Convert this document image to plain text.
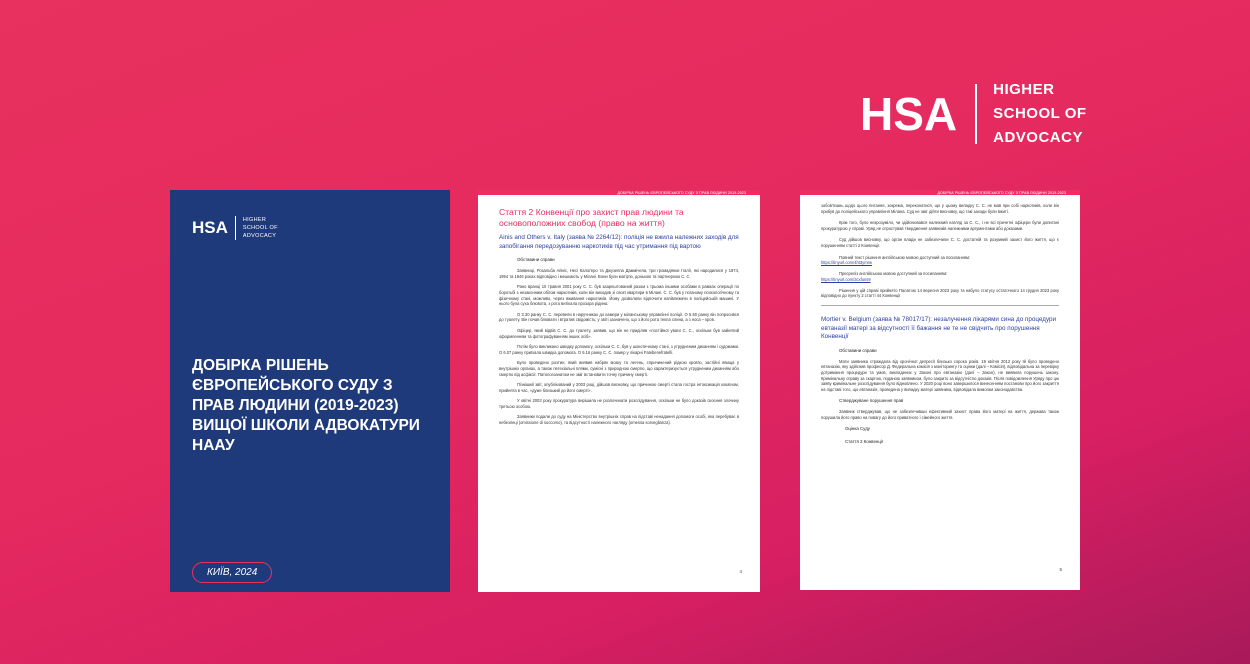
HSA HIGHER
SCHOOL OF
ADVOCACY
HSA	HIGHER
SCHOOL OF
ADVOCACY
ДОБІРКА РІШЕНЬ ЄВРОПЕЙСЬКОГО СУДУ З ПРАВ ЛЮДИНИ (2019-2023) ВИЩОЇ ШКОЛИ АДВОКАТУРИ НААУ
КИЇВ, 2024
ДОБІРКА РІШЕНЬ ЄВРОПЕЙСЬКОГО СУДУ З ПРАВ ЛЮДИНИ 2019-2023
Стаття 2 Конвенції про захист прав людини та основоположних свобод (право на життя)
Ainis and Others v. Italy (заява № 2264/12): поліція не вжила належних заходів для запобігання передозуванню наркотиків під час утримання під вартою
Обставини справи

Заявниці, Розальба Айніс, Несі Калоґеро та Джузеппа Даммічела, три громадянки Італії, які народилися у 1974, 1994 та 1946 роках відповідно і мешкають у Мілані. Вони були матір'ю, донькою та партнеркою С. С.

Рано вранці 10 травня 2001 року С. С. був заарештований разом з трьома іншими особами в рамках операції по боротьбі з незаконним обігом наркотиків, коли він виходив зі своєї квартири в Мілані. С. С. був у поганому психологічному та фізичному стані, можливо, через вживання наркотиків. Йому дозволили відпочити напівлежачи в поліцейській машині. У нього була суха блювота, з рота витікала прозора рідина.

О 3.30 ранку С. С. перевели в наручниках до камери у міланському управлінні поліції. О 5.50 ранку він попросився до туалету. Він почав блювати і втратив свідомість; у звіті зазначено, що з його рота текла слина, а з носа – кров.

Офіцер, який відвів С. С. до туалету, заявив, що він не приділяв «постійної уваги С. С., оскільки був зайнятий оформленням та фотографуванням інших осіб».

Потім було викликано швидку допомогу, оскільки С. С. був у шокотичному стані, з утрудненим диханням і судомами. О 6.07 ранку приїхала швидка допомога. О 6.16 ранку С. С. помер у лікарні Fatebenefratelli.

Було проведено розтин, який виявив набряк мозку та легень, спричинений рідкою кров'ю, застійні явища у внутрішніх органах, а також петехіальні плями, сумісні з природною смертю, що характеризується утрудненим диханням або смертю від асфіксії. Патологоанатом не зміг встановити точну причину смерті.

Пізніший звіт, опублікований у 2003 році, дійшов висновку, що причиною смерті стала гостра інтоксикація кокаїном, прийнята в час, «дуже близький до його смерті».

У квітні 2003 року прокуратура вирішила не розпочинати розслідування, оскільки не було доказів скоєння злочину третьою особою.

Заявники подали до суду на Міністерство внутрішніх справ на підставі ненадання допомоги особі, яка перебуває в небезпеці (omissione di soccorso), та відсутності належного нагляду (omessa sorveglianza).

4
ДОБІРКА РІШЕНЬ ЄВРОПЕЙСЬКОГО СУДУ З ПРАВ ЛЮДИНИ 2019-2023

зобов'язань щодо цього питання, зокрема, переконатися, що у цьому випадку С. С. не мав при собі наркотиків, коли він прибув до поліцейського управління Мілана. Суд не зміг дійти висновку, що такі заходи були вжиті.

Крім того, було незрозуміло, чи здійснювався належний нагляд за С. С., і не всі причетні офіцери були допитані прокуратурою у справі. Уряд не спростував твердження заявників належними аргументами або доказами.

Суд дійшов висновку, що орган влади не забезпечили С. С. достатній та розумний захист його життя, що є порушенням статті 2 Конвенції.

Повний текст рішення англійською мовою доступний за посиланням:

https://tinyurl.com/4ht3ymrw

Пресреліз англійською мовою доступний за посиланням:

https://tinyurl.com/3cxfuns9

Рішення у цій справі прийнято Палатою 14 вересня 2023 року та набуло статусу остаточного 14 грудня 2023 року відповідно до пункту 2 статті 44 Конвенції

Mortier v. Belgium (заява № 78017/17): незалучення лікарями сина до процедури евтаназії матері за відсутності її бажання не те не свідчить про порушення Конвенції
Обставини справи

Мати заявника страждала від хронічної депресії близько сорока років. 19 квітня 2012 року їй було проведено евтаназію, яку здійснив професор Д. Федеральна комісія з моніторингу та оцінки (далі – Комісія), відповідальна за перевірку дотримання процедури та умов, викладених у Законі про евтаназію (далі – Закон), не виявила порушень закону. Кримінальну справу за скаргою, поданою заявником, було закрито за відсутністю доказів. Після повідомлення Уряду про цю заяву кримінальне розслідування було відновлено. У 2020 році воно завершилося винесенням постанови про його закриття на підставі того, що евтаназія, проведена у випадку матері заявника, відповідала вимогам законодавства.

Стверджуване порушення прав

Заявник стверджував, що не забезпечивши ефективний захист права його матері на життя, держава також порушила його право на повагу до його приватного і сімейного життя.

Оцінка Суду
Стаття 2 Конвенції
5
